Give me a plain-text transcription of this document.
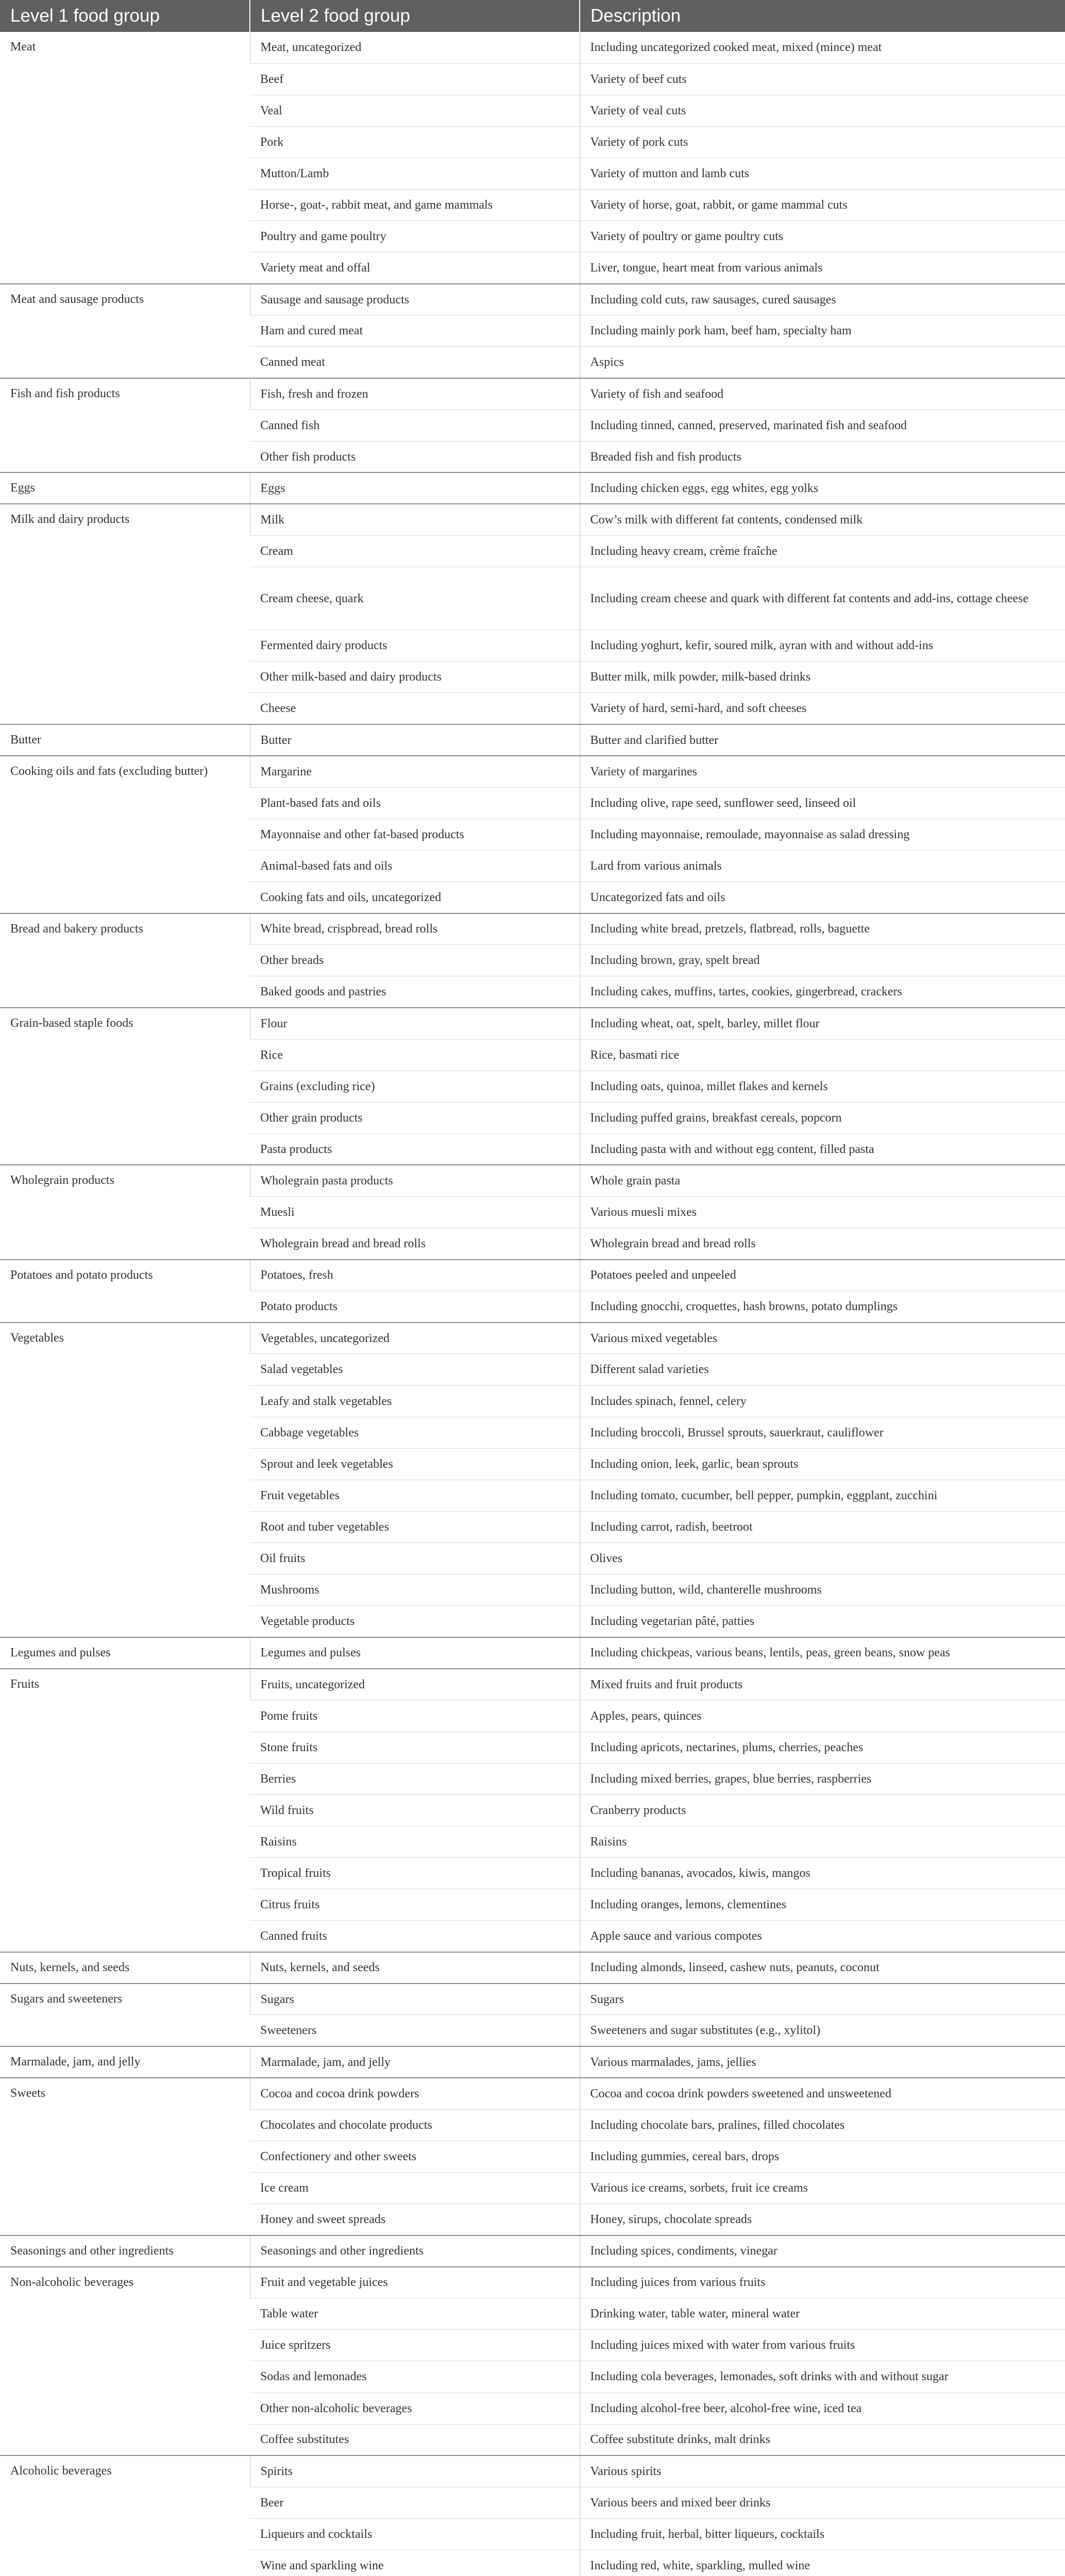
Level 1 food group	Level 2 food group	Description
Meat	Meat, uncategorized	Including uncategorized cooked meat, mixed (mince) meat
	Beef	Variety of beef cuts
	Veal	Variety of veal cuts
	Pork	Variety of pork cuts
	Mutton/Lamb	Variety of mutton and lamb cuts
	Horse-, goat-, rabbit meat, and game mammals	Variety of horse, goat, rabbit, or game mammal cuts
	Poultry and game poultry	Variety of poultry or game poultry cuts
	Variety meat and offal	Liver, tongue, heart meat from various animals
Meat and sausage products	Sausage and sausage products	Including cold cuts, raw sausages, cured sausages
	Ham and cured meat	Including mainly pork ham, beef ham, specialty ham
	Canned meat	Aspics
Fish and fish products	Fish, fresh and frozen	Variety of fish and seafood
	Canned fish	Including tinned, canned, preserved, marinated fish and seafood
	Other fish products	Breaded fish and fish products
Eggs	Eggs	Including chicken eggs, egg whites, egg yolks
Milk and dairy products	Milk	Cow’s milk with different fat contents, condensed milk
	Cream	Including heavy cream, crème fraîche
	Cream cheese, quark	Including cream cheese and quark with different fat contents and add-ins, cottage cheese
	Fermented dairy products	Including yoghurt, kefir, soured milk, ayran with and without add-ins
	Other milk-based and dairy products	Butter milk, milk powder, milk-based drinks
	Cheese	Variety of hard, semi-hard, and soft cheeses
Butter	Butter	Butter and clarified butter
Cooking oils and fats (excluding butter)	Margarine	Variety of margarines
	Plant-based fats and oils	Including olive, rape seed, sunflower seed, linseed oil
	Mayonnaise and other fat-based products	Including mayonnaise, remoulade, mayonnaise as salad dressing
	Animal-based fats and oils	Lard from various animals
	Cooking fats and oils, uncategorized	Uncategorized fats and oils
Bread and bakery products	White bread, crispbread, bread rolls	Including white bread, pretzels, flatbread, rolls, baguette
	Other breads	Including brown, gray, spelt bread
	Baked goods and pastries	Including cakes, muffins, tartes, cookies, gingerbread, crackers
Grain-based staple foods	Flour	Including wheat, oat, spelt, barley, millet flour
	Rice	Rice, basmati rice
	Grains (excluding rice)	Including oats, quinoa, millet flakes and kernels
	Other grain products	Including puffed grains, breakfast cereals, popcorn
	Pasta products	Including pasta with and without egg content, filled pasta
Wholegrain products	Wholegrain pasta products	Whole grain pasta
	Muesli	Various muesli mixes
	Wholegrain bread and bread rolls	Wholegrain bread and bread rolls
Potatoes and potato products	Potatoes, fresh	Potatoes peeled and unpeeled
	Potato products	Including gnocchi, croquettes, hash browns, potato dumplings
Vegetables	Vegetables, uncategorized	Various mixed vegetables
	Salad vegetables	Different salad varieties
	Leafy and stalk vegetables	Includes spinach, fennel, celery
	Cabbage vegetables	Including broccoli, Brussel sprouts, sauerkraut, cauliflower
	Sprout and leek vegetables	Including onion, leek, garlic, bean sprouts
	Fruit vegetables	Including tomato, cucumber, bell pepper, pumpkin, eggplant, zucchini
	Root and tuber vegetables	Including carrot, radish, beetroot
	Oil fruits	Olives
	Mushrooms	Including button, wild, chanterelle mushrooms
	Vegetable products	Including vegetarian pâté, patties
Legumes and pulses	Legumes and pulses	Including chickpeas, various beans, lentils, peas, green beans, snow peas
Fruits	Fruits, uncategorized	Mixed fruits and fruit products
	Pome fruits	Apples, pears, quinces
	Stone fruits	Including apricots, nectarines, plums, cherries, peaches
	Berries	Including mixed berries, grapes, blue berries, raspberries
	Wild fruits	Cranberry products
	Raisins	Raisins
	Tropical fruits	Including bananas, avocados, kiwis, mangos
	Citrus fruits	Including oranges, lemons, clementines
	Canned fruits	Apple sauce and various compotes
Nuts, kernels, and seeds	Nuts, kernels, and seeds	Including almonds, linseed, cashew nuts, peanuts, coconut
Sugars and sweeteners	Sugars	Sugars
	Sweeteners	Sweeteners and sugar substitutes (e.g., xylitol)
Marmalade, jam, and jelly	Marmalade, jam, and jelly	Various marmalades, jams, jellies
Sweets	Cocoa and cocoa drink powders	Cocoa and cocoa drink powders sweetened and unsweetened
	Chocolates and chocolate products	Including chocolate bars, pralines, filled chocolates
	Confectionery and other sweets	Including gummies, cereal bars, drops
	Ice cream	Various ice creams, sorbets, fruit ice creams
	Honey and sweet spreads	Honey, sirups, chocolate spreads
Seasonings and other ingredients	Seasonings and other ingredients	Including spices, condiments, vinegar
Non-alcoholic beverages	Fruit and vegetable juices	Including juices from various fruits
	Table water	Drinking water, table water, mineral water
	Juice spritzers	Including juices mixed with water from various fruits
	Sodas and lemonades	Including cola beverages, lemonades, soft drinks with and without sugar
	Other non-alcoholic beverages	Including alcohol-free beer, alcohol-free wine, iced tea
	Coffee substitutes	Coffee substitute drinks, malt drinks
Alcoholic beverages	Spirits	Various spirits
	Beer	Various beers and mixed beer drinks
	Liqueurs and cocktails	Including fruit, herbal, bitter liqueurs, cocktails
	Wine and sparkling wine	Including red, white, sparkling, mulled wine
